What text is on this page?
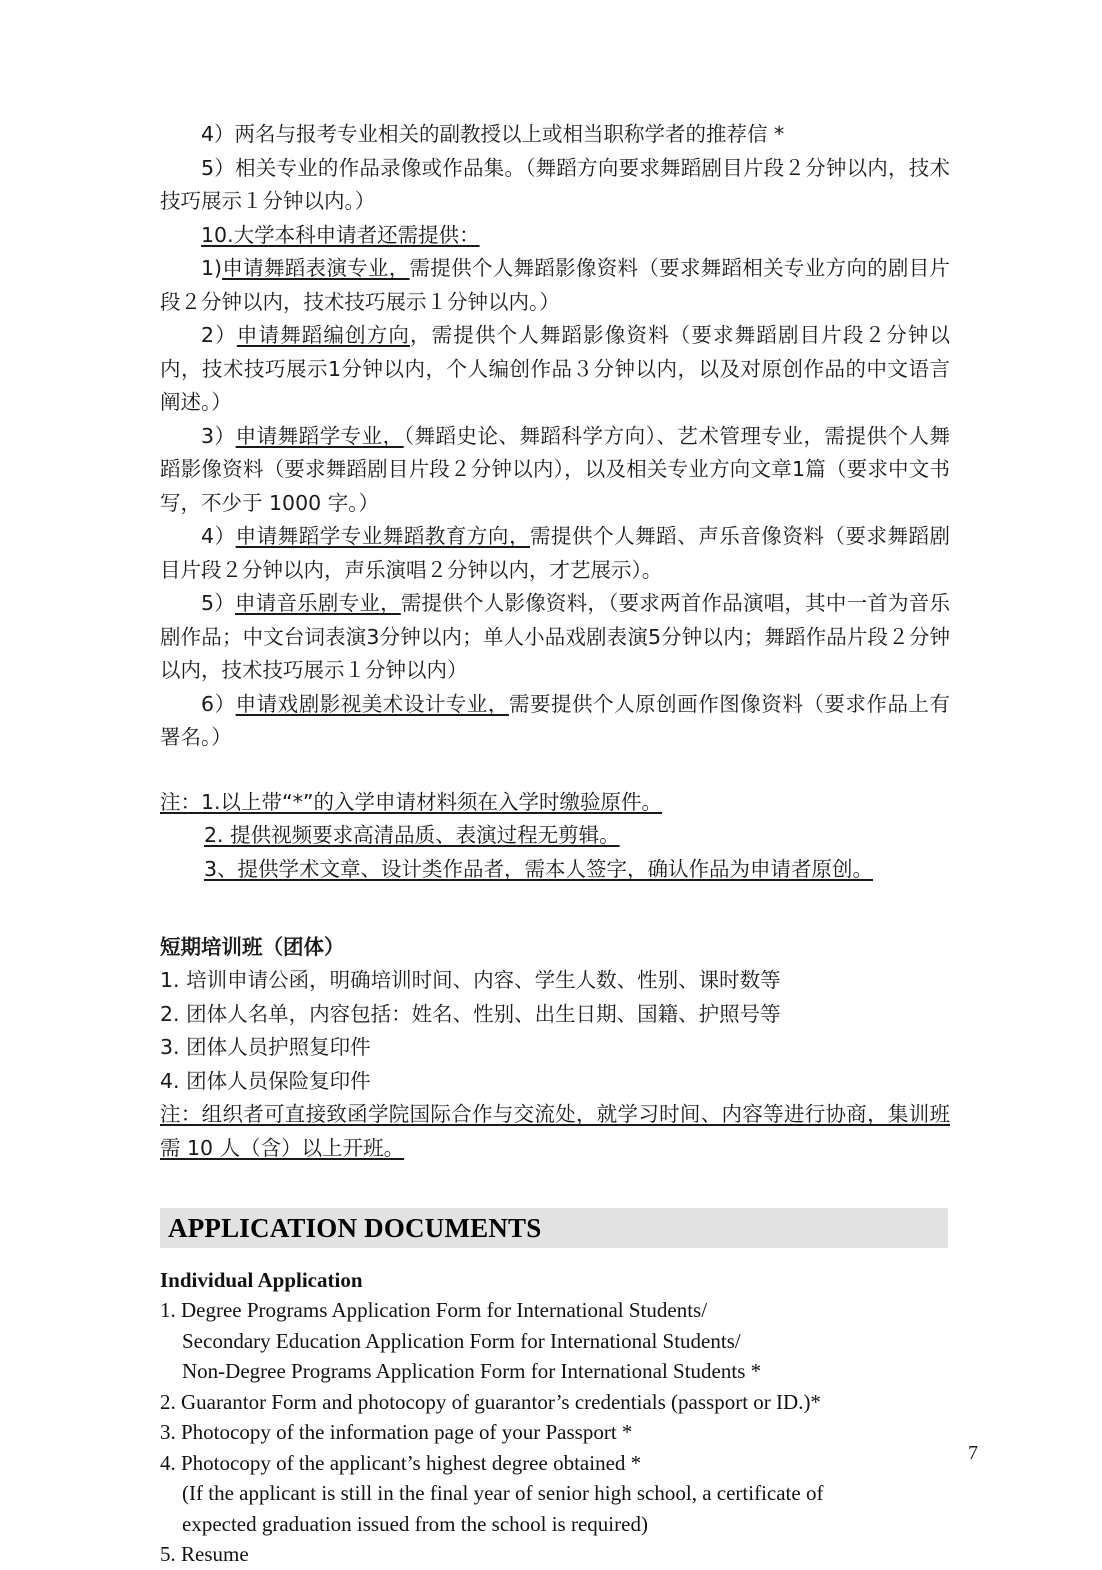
4）两名与报考专业相关的副教授以上或相当职称学者的推荐信 *

5）相关专业的作品录像或作品集。（舞蹈方向要求舞蹈剧目片段２分钟以内，技术技巧展示１分钟以内。）

10.大学本科申请者还需提供：

1)申请舞蹈表演专业，需提供个人舞蹈影像资料（要求舞蹈相关专业方向的剧目片段２分钟以内，技术技巧展示１分钟以内。）

2）申请舞蹈编创方向，需提供个人舞蹈影像资料（要求舞蹈剧目片段２分钟以内，技术技巧展示1分钟以内，个人编创作品３分钟以内，以及对原创作品的中文语言阐述。）

3）申请舞蹈学专业，（舞蹈史论、舞蹈科学方向）、艺术管理专业，需提供个人舞蹈影像资料（要求舞蹈剧目片段２分钟以内），以及相关专业方向文章1篇（要求中文书写，不少于 1000 字。）

4）申请舞蹈学专业舞蹈教育方向，需提供个人舞蹈、声乐音像资料（要求舞蹈剧目片段２分钟以内，声乐演唱２分钟以内，才艺展示）。

5）申请音乐剧专业，需提供个人影像资料，（要求两首作品演唱，其中一首为音乐剧作品；中文台词表演3分钟以内；单人小品戏剧表演5分钟以内；舞蹈作品片段２分钟以内，技术技巧展示１分钟以内）

6）申请戏剧影视美术设计专业，需要提供个人原创画作图像资料（要求作品上有署名。）

注：1.以上带“*”的入学申请材料须在入学时缴验原件。

2. 提供视频要求高清品质、表演过程无剪辑。

3、提供学术文章、设计类作品者，需本人签字，确认作品为申请者原创。

短期培训班（团体）

1. 培训申请公函，明确培训时间、内容、学生人数、性别、课时数等

2. 团体人名单，内容包括：姓名、性别、出生日期、国籍、护照号等

3. 团体人员护照复印件

4. 团体人员保险复印件

注：组织者可直接致函学院国际合作与交流处，就学习时间、内容等进行协商，集训班需 10 人（含）以上开班。

APPLICATION DOCUMENTS

Individual Application

1. Degree Programs Application Form for International Students/

Secondary Education Application Form for International Students/

Non-Degree Programs Application Form for International Students *

2. Guarantor Form and photocopy of guarantor’s credentials (passport or ID.)*

3. Photocopy of the information page of your Passport *

4. Photocopy of the applicant’s highest degree obtained *

(If the applicant is still in the final year of senior high school, a certificate of

expected graduation issued from the school is required)

5. Resume

7
